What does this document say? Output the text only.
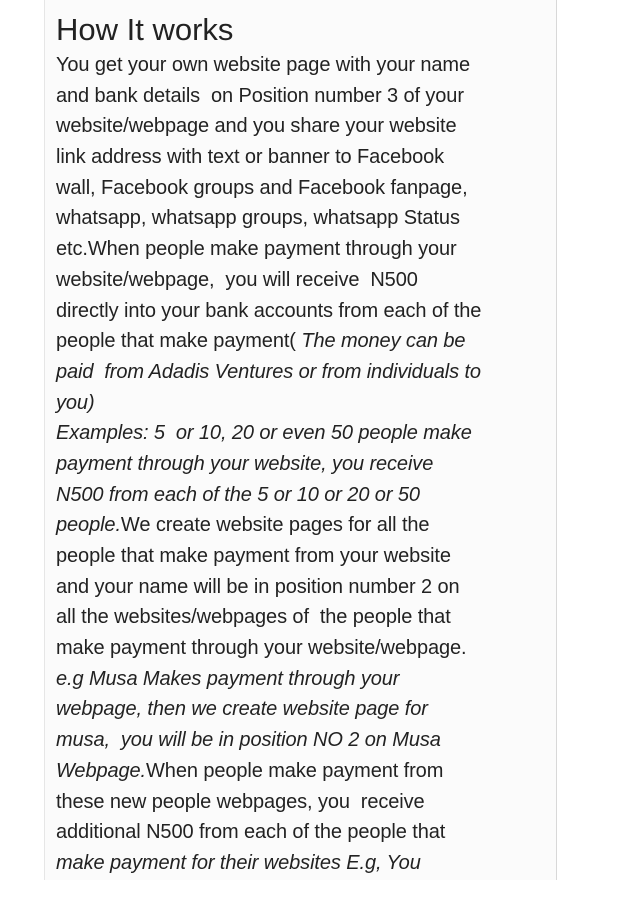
How It works
You get your own website page with your name
and bank details  on Position number 3 of your
website/webpage and you share your website
link address with text or banner to Facebook
wall, Facebook groups and Facebook fanpage,
whatsapp, whatsapp groups, whatsapp Status
etc.When people make payment through your
website/webpage,  you will receive  N500
directly into your bank accounts from each of the
people that make payment( The money can be
paid  from Adadis Ventures or from individuals to
you)
Examples: 5  or 10, 20 or even 50 people make
payment through your website, you receive
N500 from each of the 5 or 10 or 20 or 50
people.We create website pages for all the
people that make payment from your website
and your name will be in position number 2 on
all the websites/webpages of  the people that
make payment through your website/webpage.
e.g Musa Makes payment through your
webpage, then we create website page for
musa,  you will be in position NO 2 on Musa
Webpage.When people make payment from
these new people webpages, you  receive
additional N500 from each of the people that
make payment for their websites E.g, You
